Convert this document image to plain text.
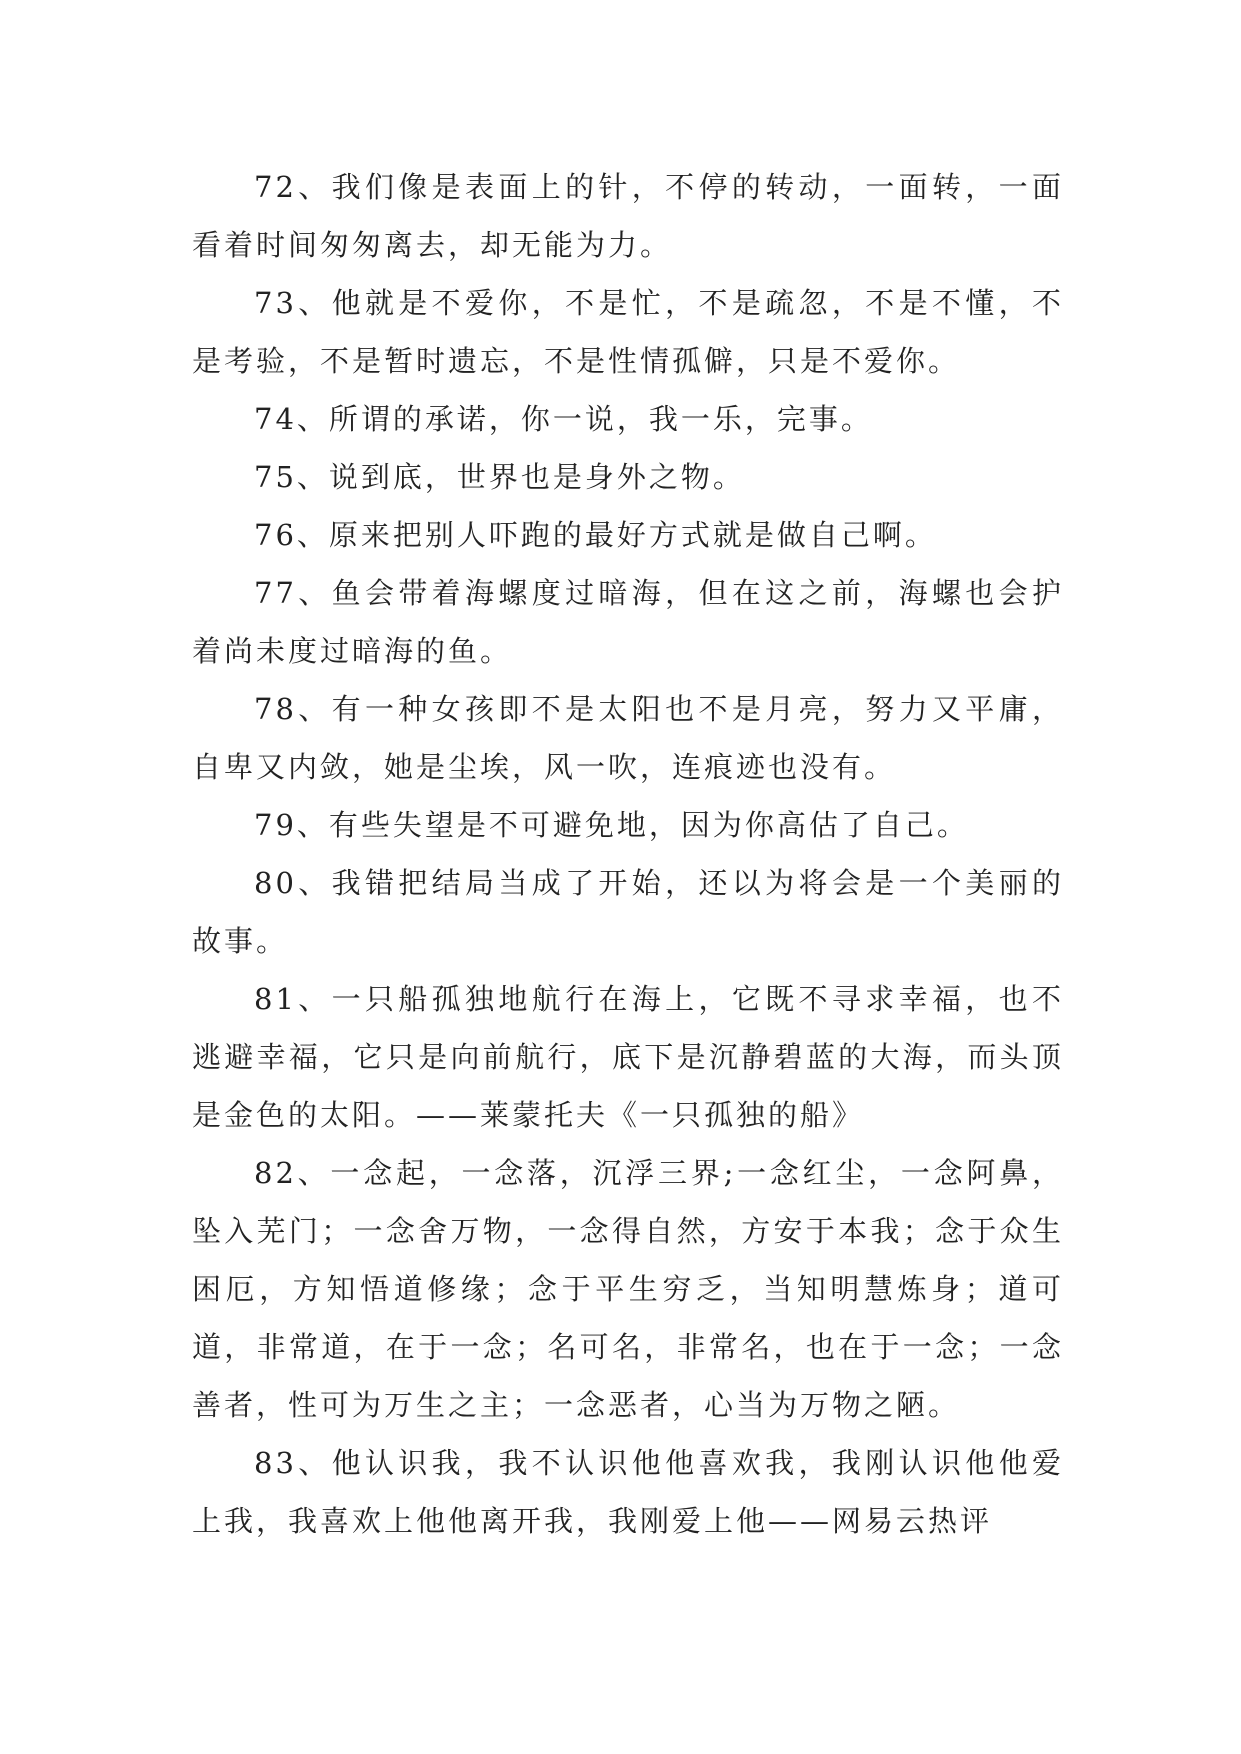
72、我们像是表面上的针，不停的转动，一面转，一面看着时间匆匆离去，却无能为力。

73、他就是不爱你，不是忙，不是疏忽，不是不懂，不是考验，不是暂时遗忘，不是性情孤僻，只是不爱你。

74、所谓的承诺，你一说，我一乐，完事。

75、说到底，世界也是身外之物。

76、原来把别人吓跑的最好方式就是做自己啊。

77、鱼会带着海螺度过暗海，但在这之前，海螺也会护着尚未度过暗海的鱼。

78、有一种女孩即不是太阳也不是月亮，努力又平庸，自卑又内敛，她是尘埃，风一吹，连痕迹也没有。

79、有些失望是不可避免地，因为你高估了自己。

80、我错把结局当成了开始，还以为将会是一个美丽的故事。

81、一只船孤独地航行在海上，它既不寻求幸福，也不逃避幸福，它只是向前航行，底下是沉静碧蓝的大海，而头顶是金色的太阳。——莱蒙托夫《一只孤独的船》

82、一念起，一念落，沉浮三界;一念红尘，一念阿鼻，坠入芜门；一念舍万物，一念得自然，方安于本我；念于众生困厄，方知悟道修缘；念于平生穷乏，当知明慧炼身；道可道，非常道，在于一念；名可名，非常名，也在于一念；一念善者，性可为万生之主；一念恶者，心当为万物之陋。

83、他认识我，我不认识他他喜欢我，我刚认识他他爱上我，我喜欢上他他离开我，我刚爱上他——网易云热评
